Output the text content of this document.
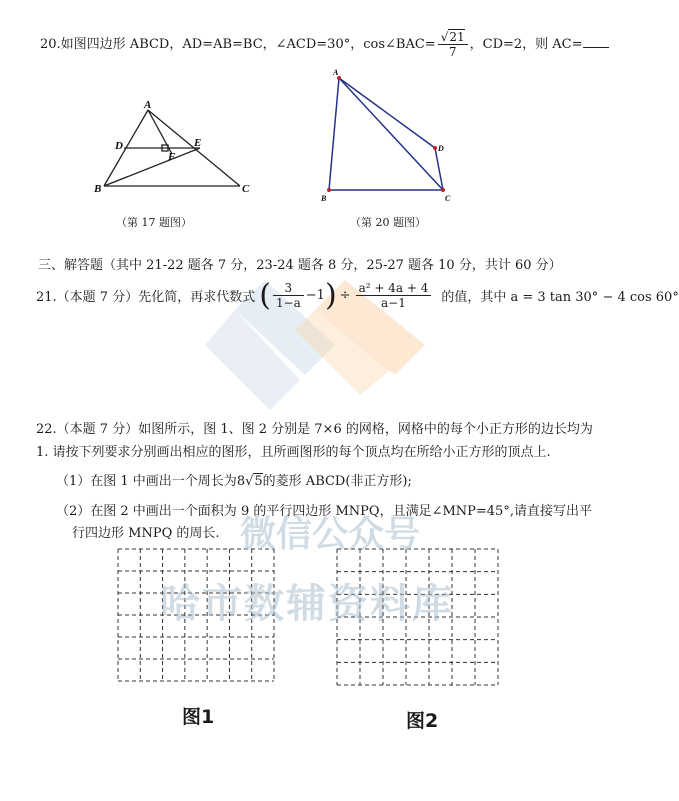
20.如图四边形 ABCD，AD=AB=BC，∠ACD=30°，cos∠BAC= $\frac{√21}{7}$ ，CD=2，则 AC=
A
B	C
D	E
F
（第 17 题图）
A
B	C
D
（第 20 题图）
三、解答题（其中 21-22 题各 7 分，23-24 题各 8 分，25-27 题各 10 分，共计 60 分）
21.（本题 7 分）先化简，再求代数式 ( $\frac{3}{1-a} -1$ ) ÷ $\frac{\text{a² + 4a + 4}}{a-1}$ 的值，其中 a = 3 tan 30° − 4 cos 60°
22.（本题 7 分）如图所示，图 1、图 2 分别是 7×6 的网格，网格中的每个小正方形的边长均为
1. 请按下列要求分别画出相应的图形，且所画图形的每个顶点均在所给小正方形的顶点上.
（1）在图 1 中画出一个周长为8√5的菱形 ABCD(非正方形);
（2）在图 2 中画出一个面积为 9 的平行四边形 MNPQ，且满足∠MNP=45°,请直接写出平
行四边形 MNPQ 的周长.
图1	图2
微信公众号
哈市数辅资料库
